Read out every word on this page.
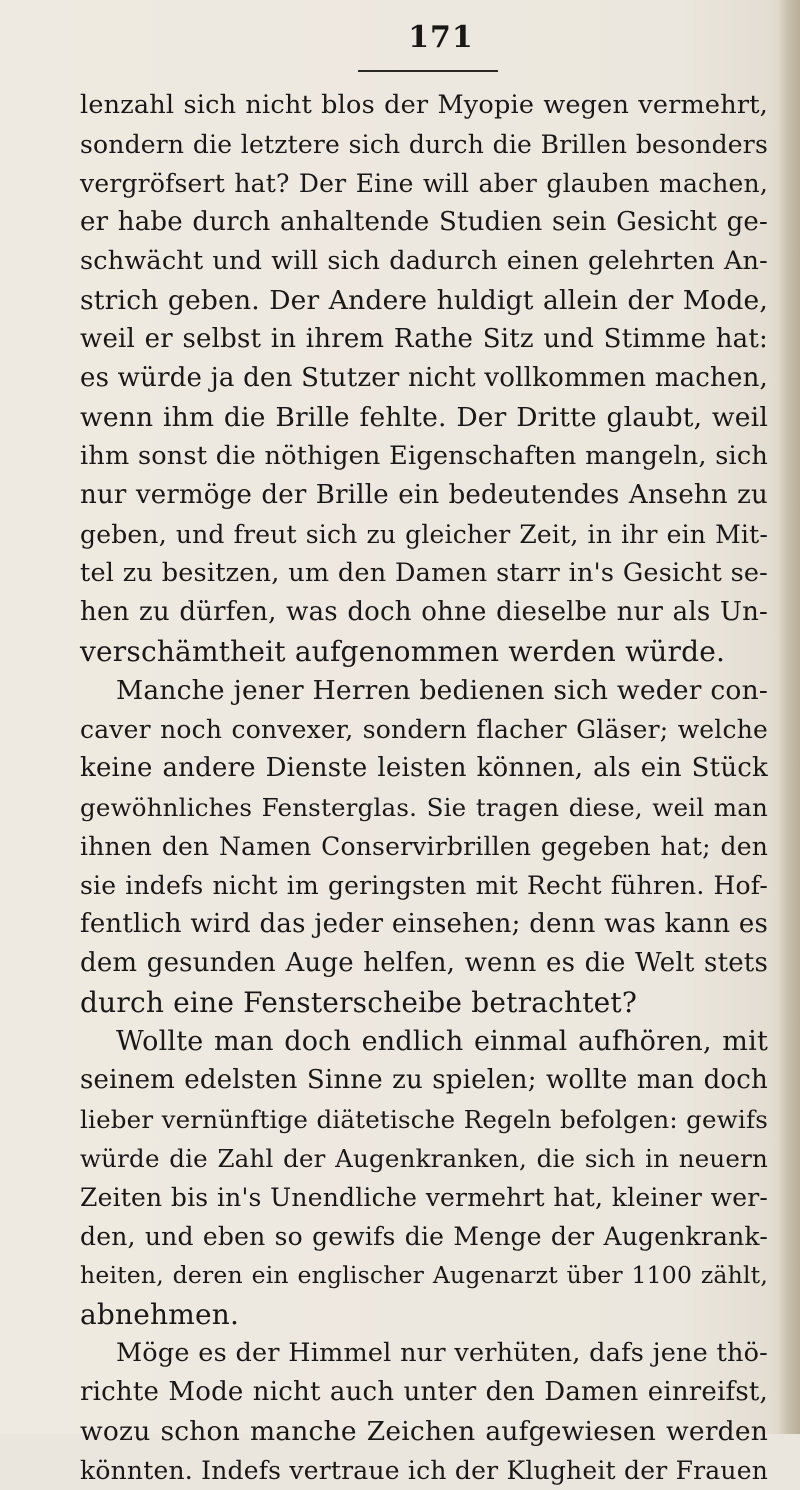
171
lenzahl sich nicht blos der Myopie wegen vermehrt,
sondern die letztere sich durch die Brillen besonders
vergröfsert hat? Der Eine will aber glauben machen,
er habe durch anhaltende Studien sein Gesicht ge-
schwächt und will sich dadurch einen gelehrten An-
strich geben. Der Andere huldigt allein der Mode,
weil er selbst in ihrem Rathe Sitz und Stimme hat:
es würde ja den Stutzer nicht vollkommen machen,
wenn ihm die Brille fehlte. Der Dritte glaubt, weil
ihm sonst die nöthigen Eigenschaften mangeln, sich
nur vermöge der Brille ein bedeutendes Ansehn zu
geben, und freut sich zu gleicher Zeit, in ihr ein Mit-
tel zu besitzen, um den Damen starr in's Gesicht se-
hen zu dürfen, was doch ohne dieselbe nur als Un-
verschämtheit aufgenommen werden würde.
Manche jener Herren bedienen sich weder con-
caver noch convexer, sondern flacher Gläser; welche
keine andere Dienste leisten können, als ein Stück
gewöhnliches Fensterglas. Sie tragen diese, weil man
ihnen den Namen Conservirbrillen gegeben hat; den
sie indefs nicht im geringsten mit Recht führen. Hof-
fentlich wird das jeder einsehen; denn was kann es
dem gesunden Auge helfen, wenn es die Welt stets
durch eine Fensterscheibe betrachtet?
Wollte man doch endlich einmal aufhören, mit
seinem edelsten Sinne zu spielen; wollte man doch
lieber vernünftige diätetische Regeln befolgen: gewifs
würde die Zahl der Augenkranken, die sich in neuern
Zeiten bis in's Unendliche vermehrt hat, kleiner wer-
den, und eben so gewifs die Menge der Augenkrank-
heiten, deren ein englischer Augenarzt über 1100 zählt,
abnehmen.
Möge es der Himmel nur verhüten, dafs jene thö-
richte Mode nicht auch unter den Damen einreifst,
wozu schon manche Zeichen aufgewiesen werden
könnten. Indefs vertraue ich der Klugheit der Frauen
